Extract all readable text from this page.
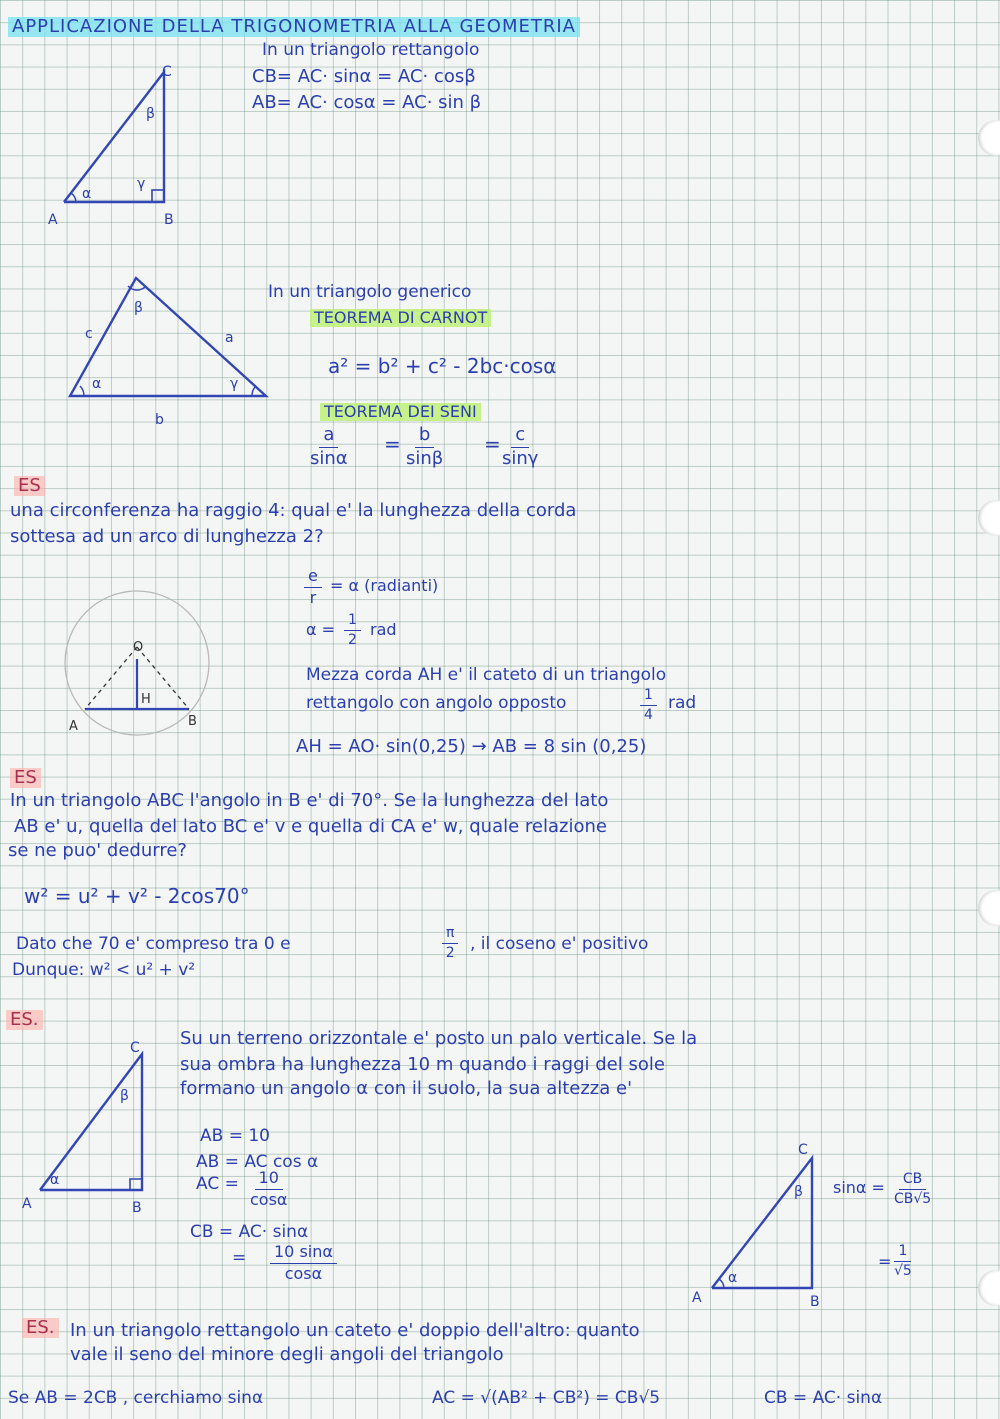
APPLICAZIONE DELLA TRIGONOMETRIA ALLA GEOMETRIA
In un triangolo rettangolo
CB= AC· sinα = AC· cosβ
AB= AC· cosα = AC· sin β
A	B
C
α
β
γ
c	a
b
α
β
γ
In un triangolo generico
TEOREMA DI CARNOT
a² = b² + c² - 2bc·cosα
TEOREMA DEI SENI
$\frac{a}{\sin\alpha} = \frac{b}{\sin\beta} = \frac{c}{\sin\gamma}$
ES
una circonferenza ha raggio 4: qual e' la lunghezza della corda
sottesa ad un arco di lunghezza 2?
O
H
A	B
$\frac{e}{r} = \alpha$ (radianti)
$\alpha = \frac{1}{2}$ rad
Mezza corda AH e' il cateto di un triangolo
rettangolo con angolo opposto	$\frac{1}{4}$ rad
AH = AO· sin(0,25) → AB = 8 sin (0,25)
ES
In un triangolo ABC l'angolo in B e' di 70°. Se la lunghezza del lato
AB e' u, quella del lato BC e' v e quella di CA e' w, quale relazione
se ne puo' dedurre?
w² = u² + v² - 2cos70°
Dato che 70 e' compreso tra 0 e	$\frac{\pi}{2}$ , il coseno e' positivo
Dunque: w² < u² + v²
ES.
Su un terreno orizzontale e' posto un palo verticale. Se la
sua ombra ha lunghezza 10 m quando i raggi del sole
formano un angolo α con il suolo, la sua altezza e'
A	B
C
α
β
AB = 10
AB = AC cos α
AC = $\frac{10}{\cos\alpha}$
CB = AC· sinα
= $\frac{10 \sin\alpha}{\cos\alpha}$
A	B
C
α
β $\sin\alpha = \frac{CB}{CB√5}$
= $\frac{1}{√5}$
ES. In un triangolo rettangolo un cateto e' doppio dell'altro: quanto
vale il seno del minore degli angoli del triangolo
Se AB = 2CB , cerchiamo sinα	AC = √(AB² + CB²) = CB√5	CB = AC· sinα
